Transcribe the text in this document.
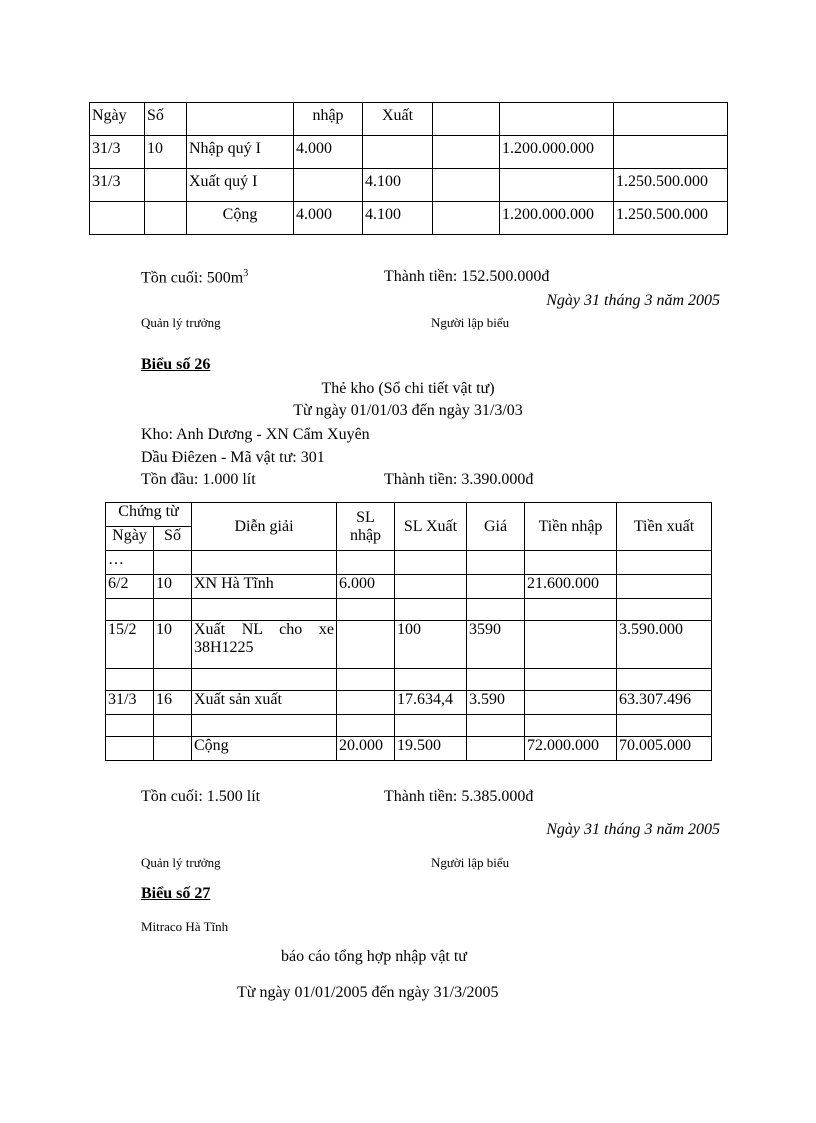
Ngày	Số		nhập	Xuất			
31/3	10	Nhập quý I	4.000			1.200.000.000	
31/3		Xuất quý I		4.100			1.250.500.000
		Cộng	4.000	4.100		1.200.000.000	1.250.500.000
Tồn cuối: $500m^3$	Thành tiền: 152.500.000đ
Ngày 31 tháng 3 năm 2005
Quản lý trưởng	Người lập biểu
Biểu số 26
Thẻ kho (Sổ chi tiết vật tư)
Từ ngày 01/01/03 đến ngày 31/3/03
Kho: Anh Dương - XN Cẩm Xuyên
Dầu Điêzen - Mã vật tư: 301
Tồn đầu: 1.000 lít	Thành tiền: 3.390.000đ
Chứng từ		Diễn giải	SL nhập	SL Xuất	Giá	Tiền nhập	Tiền xuất
Ngày	Số						
…							
6/2	10	XN Hà Tĩnh	6.000			21.600.000	

15/2	10	Xuất NL cho xe 38H1225		100	3590		3.590.000

31/3	16	Xuất sản xuất		17.634,4	3.590		63.307.496

		Cộng	20.000	19.500		72.000.000	70.005.000
Tồn cuối: 1.500 lít	Thành tiền: 5.385.000đ
Ngày 31 tháng 3 năm 2005
Quản lý trưởng	Người lập biểu
Biểu số 27
Mitraco Hà Tĩnh
báo cáo tổng hợp nhập vật tư
Từ ngày 01/01/2005 đến ngày 31/3/2005
